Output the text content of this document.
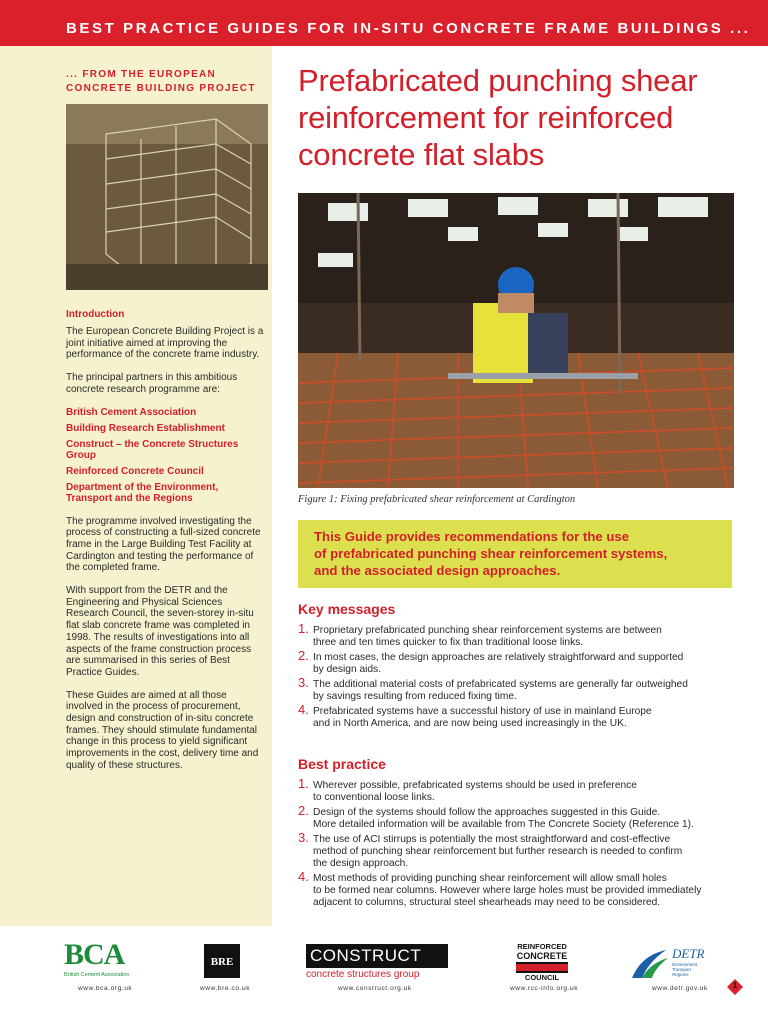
BEST PRACTICE GUIDES FOR IN-SITU CONCRETE FRAME BUILDINGS ...
... FROM THE EUROPEAN
CONCRETE BUILDING PROJECT
Introduction

The European Concrete Building Project is a joint initiative aimed at improving the performance of the concrete frame industry.

The principal partners in this ambitious concrete research programme are:

British Cement Association
Building Research Establishment
Construct – the Concrete Structures Group
Reinforced Concrete Council
Department of the Environment, Transport and the Regions

The programme involved investigating the process of constructing a full-sized concrete frame in the Large Building Test Facility at Cardington and testing the performance of the completed frame.

With support from the DETR and the Engineering and Physical Sciences Research Council, the seven-storey in-situ flat slab concrete frame was completed in 1998. The results of investigations into all aspects of the frame construction process are summarised in this series of Best Practice Guides.

These Guides are aimed at all those involved in the process of procurement, design and construction of in-situ concrete frames. They should stimulate fundamental change in this process to yield significant improvements in the cost, delivery time and quality of these structures.

Prefabricated punching shear reinforcement for reinforced concrete flat slabs
Figure 1: Fixing prefabricated shear reinforcement at Cardington
This Guide provides recommendations for the use
of prefabricated punching shear reinforcement systems,
and the associated design approaches.
Key messages
1. Proprietary prefabricated punching shear reinforcement systems are between
three and ten times quicker to fix than traditional loose links.
2. In most cases, the design approaches are relatively straightforward and supported
by design aids.
3. The additional material costs of prefabricated systems are generally far outweighed
by savings resulting from reduced fixing time.
4. Prefabricated systems have a successful history of use in mainland Europe
and in North America, and are now being used increasingly in the UK.
Best practice
1. Wherever possible, prefabricated systems should be used in preference
to conventional loose links.
2. Design of the systems should follow the approaches suggested in this Guide.
More detailed information will be available from The Concrete Society (Reference 1).
3. The use of ACI stirrups is potentially the most straightforward and cost-effective
method of punching shear reinforcement but further research is needed to confirm
the design approach.
4. Most methods of providing punching shear reinforcement will allow small holes
to be formed near columns. However where large holes must be provided immediately
adjacent to columns, structural steel shearheads may need to be considered.
BCA
British Cement Association
www.bca.org.uk
BRE
www.bre.co.uk
CONSTRUCT
concrete structures group
www.construct.org.uk
REINFORCED
CONCRETE
COUNCIL
www.rcc-info.org.uk
DETR
Environment Transport Regions
www.detr.gov.uk	1
